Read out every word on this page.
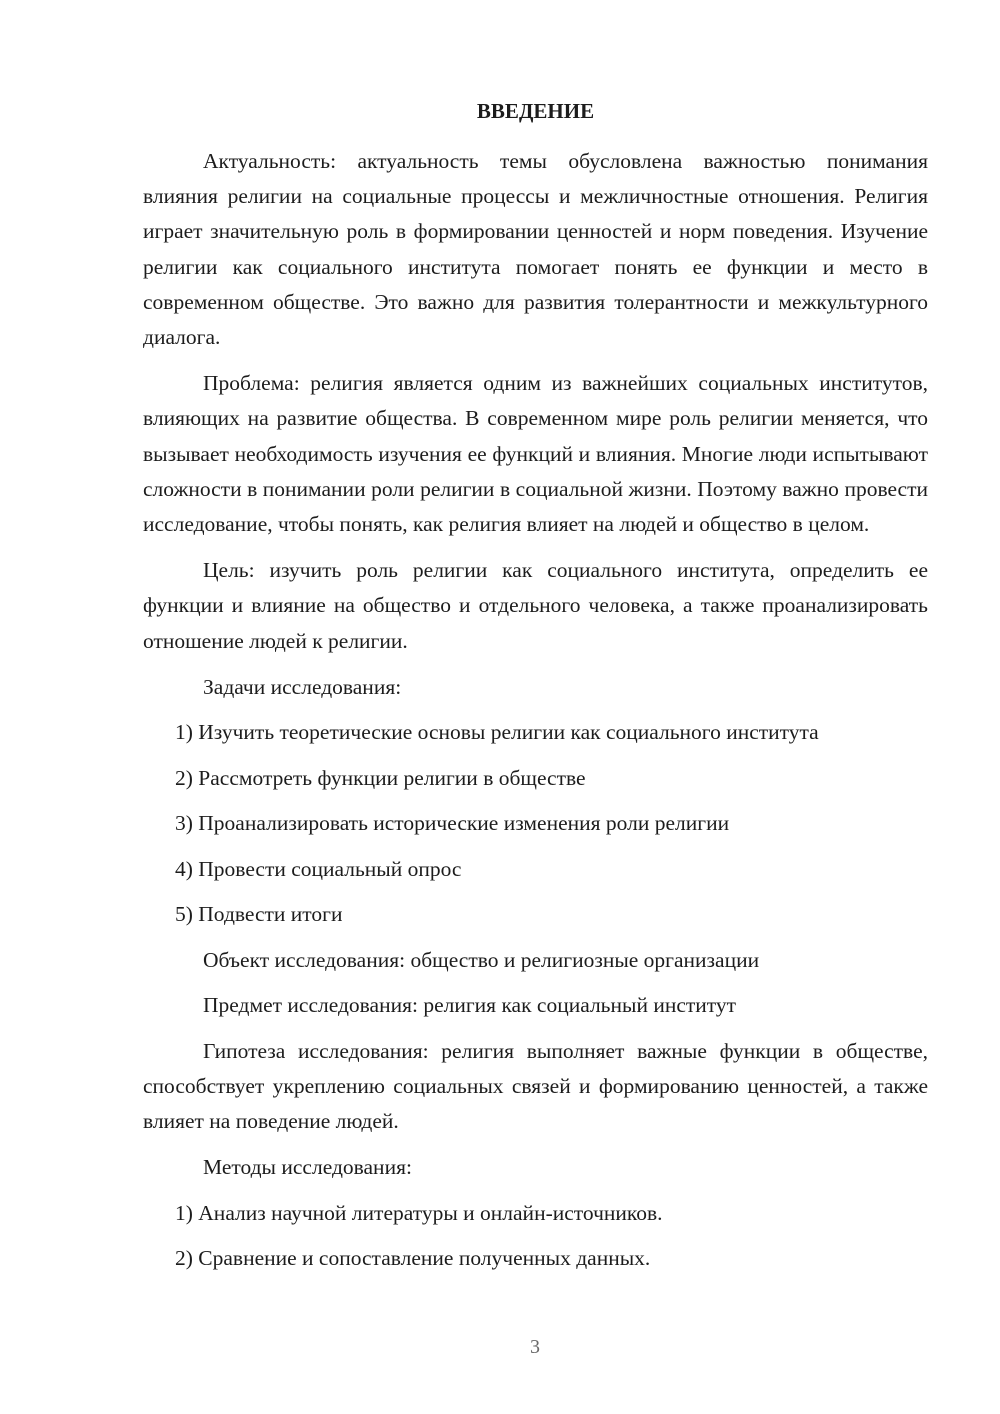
ВВЕДЕНИЕ

Актуальность: актуальность темы обусловлена важностью понимания влияния религии на социальные процессы и межличностные отношения. Религия играет значительную роль в формировании ценностей и норм поведения. Изучение религии как социального института помогает понять ее функции и место в современном обществе. Это важно для развития толерантности и межкультурного диалога.

Проблема: религия является одним из важнейших социальных институтов, влияющих на развитие общества. В современном мире роль религии меняется, что вызывает необходимость изучения ее функций и влияния. Многие люди испытывают сложности в понимании роли религии в социальной жизни. Поэтому важно провести исследование, чтобы понять, как религия влияет на людей и общество в целом.

Цель: изучить роль религии как социального института, определить ее функции и влияние на общество и отдельного человека, а также проанализировать отношение людей к религии.

Задачи исследования:
1) Изучить теоретические основы религии как социального института
2) Рассмотреть функции религии в обществе
3) Проанализировать исторические изменения роли религии
4) Провести социальный опрос
5) Подвести итоги
Объект исследования: общество и религиозные организации
Предмет исследования: религия как социальный институт

Гипотеза исследования: религия выполняет важные функции в обществе, способствует укреплению социальных связей и формированию ценностей, а также влияет на поведение людей.

Методы исследования:
1) Анализ научной литературы и онлайн-источников.
2) Сравнение и сопоставление полученных данных.
3
